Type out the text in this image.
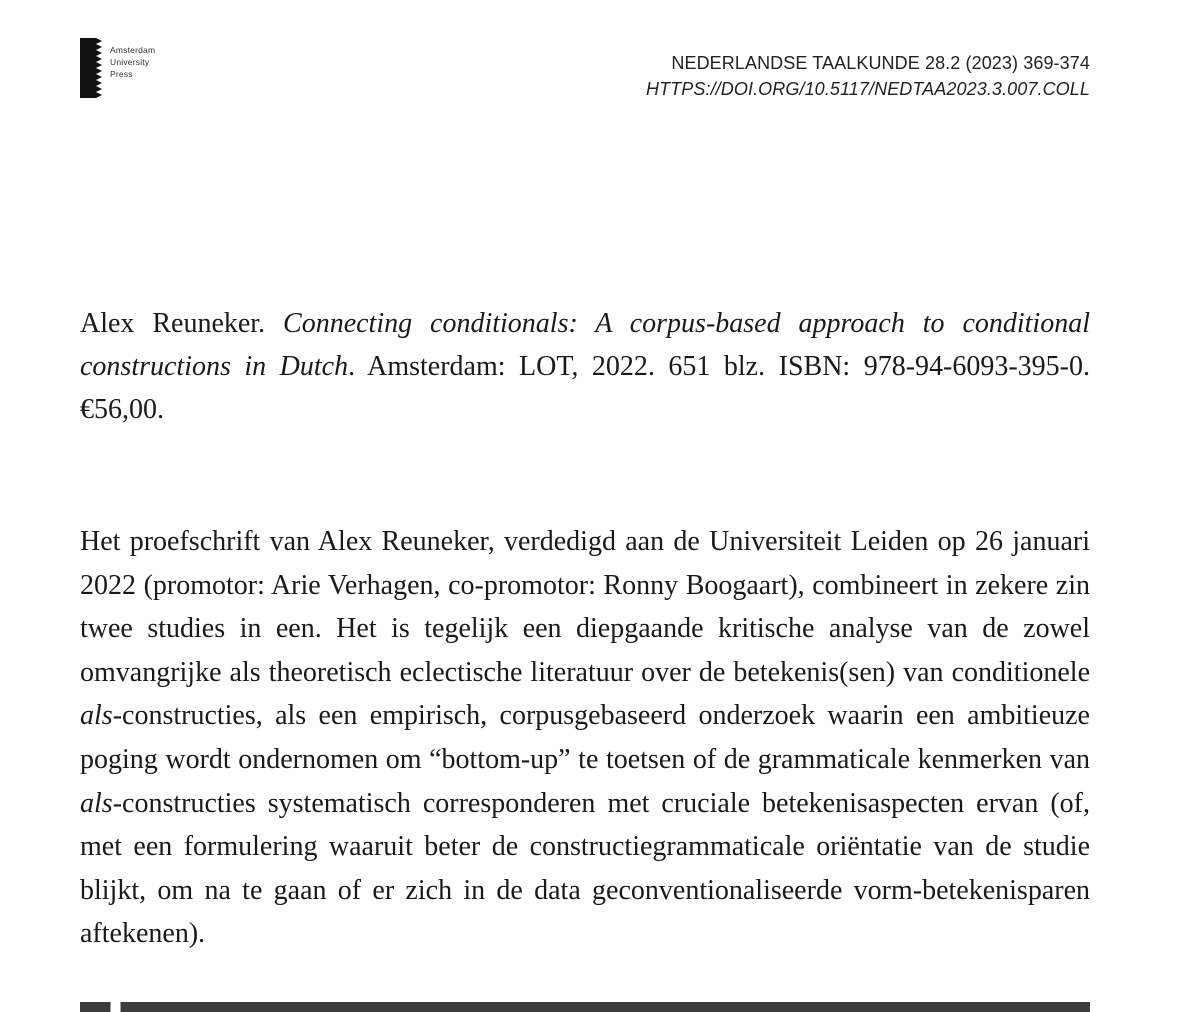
Amsterdam
University
Press
NEDERLANDSE TAALKUNDE 28.2 (2023) 369-374
HTTPS://DOI.ORG/10.5117/NEDTAA2023.3.007.COLL
Alex Reuneker. Connecting conditionals: A corpus-based approach to conditional constructions in Dutch. Amsterdam: LOT, 2022. 651 blz. ISBN: 978-94-6093-395-0. €56,00.
Het proefschrift van Alex Reuneker, verdedigd aan de Universiteit Leiden op 26 januari 2022 (promotor: Arie Verhagen, co-promotor: Ronny Boogaart), combineert in zekere zin twee studies in een. Het is tegelijk een diepgaande kritische analyse van de zowel omvangrijke als theoretisch eclectische literatuur over de betekenis(sen) van conditionele als-constructies, als een empirisch, corpusgebaseerd onderzoek waarin een ambitieuze poging wordt ondernomen om “bottom-up” te toetsen of de grammaticale kenmerken van als-constructies systematisch corresponderen met cruciale betekenisaspecten ervan (of, met een formulering waaruit beter de constructiegrammaticale oriëntatie van de studie blijkt, om na te gaan of er zich in de data geconventionaliseerde vorm-betekenisparen aftekenen).
